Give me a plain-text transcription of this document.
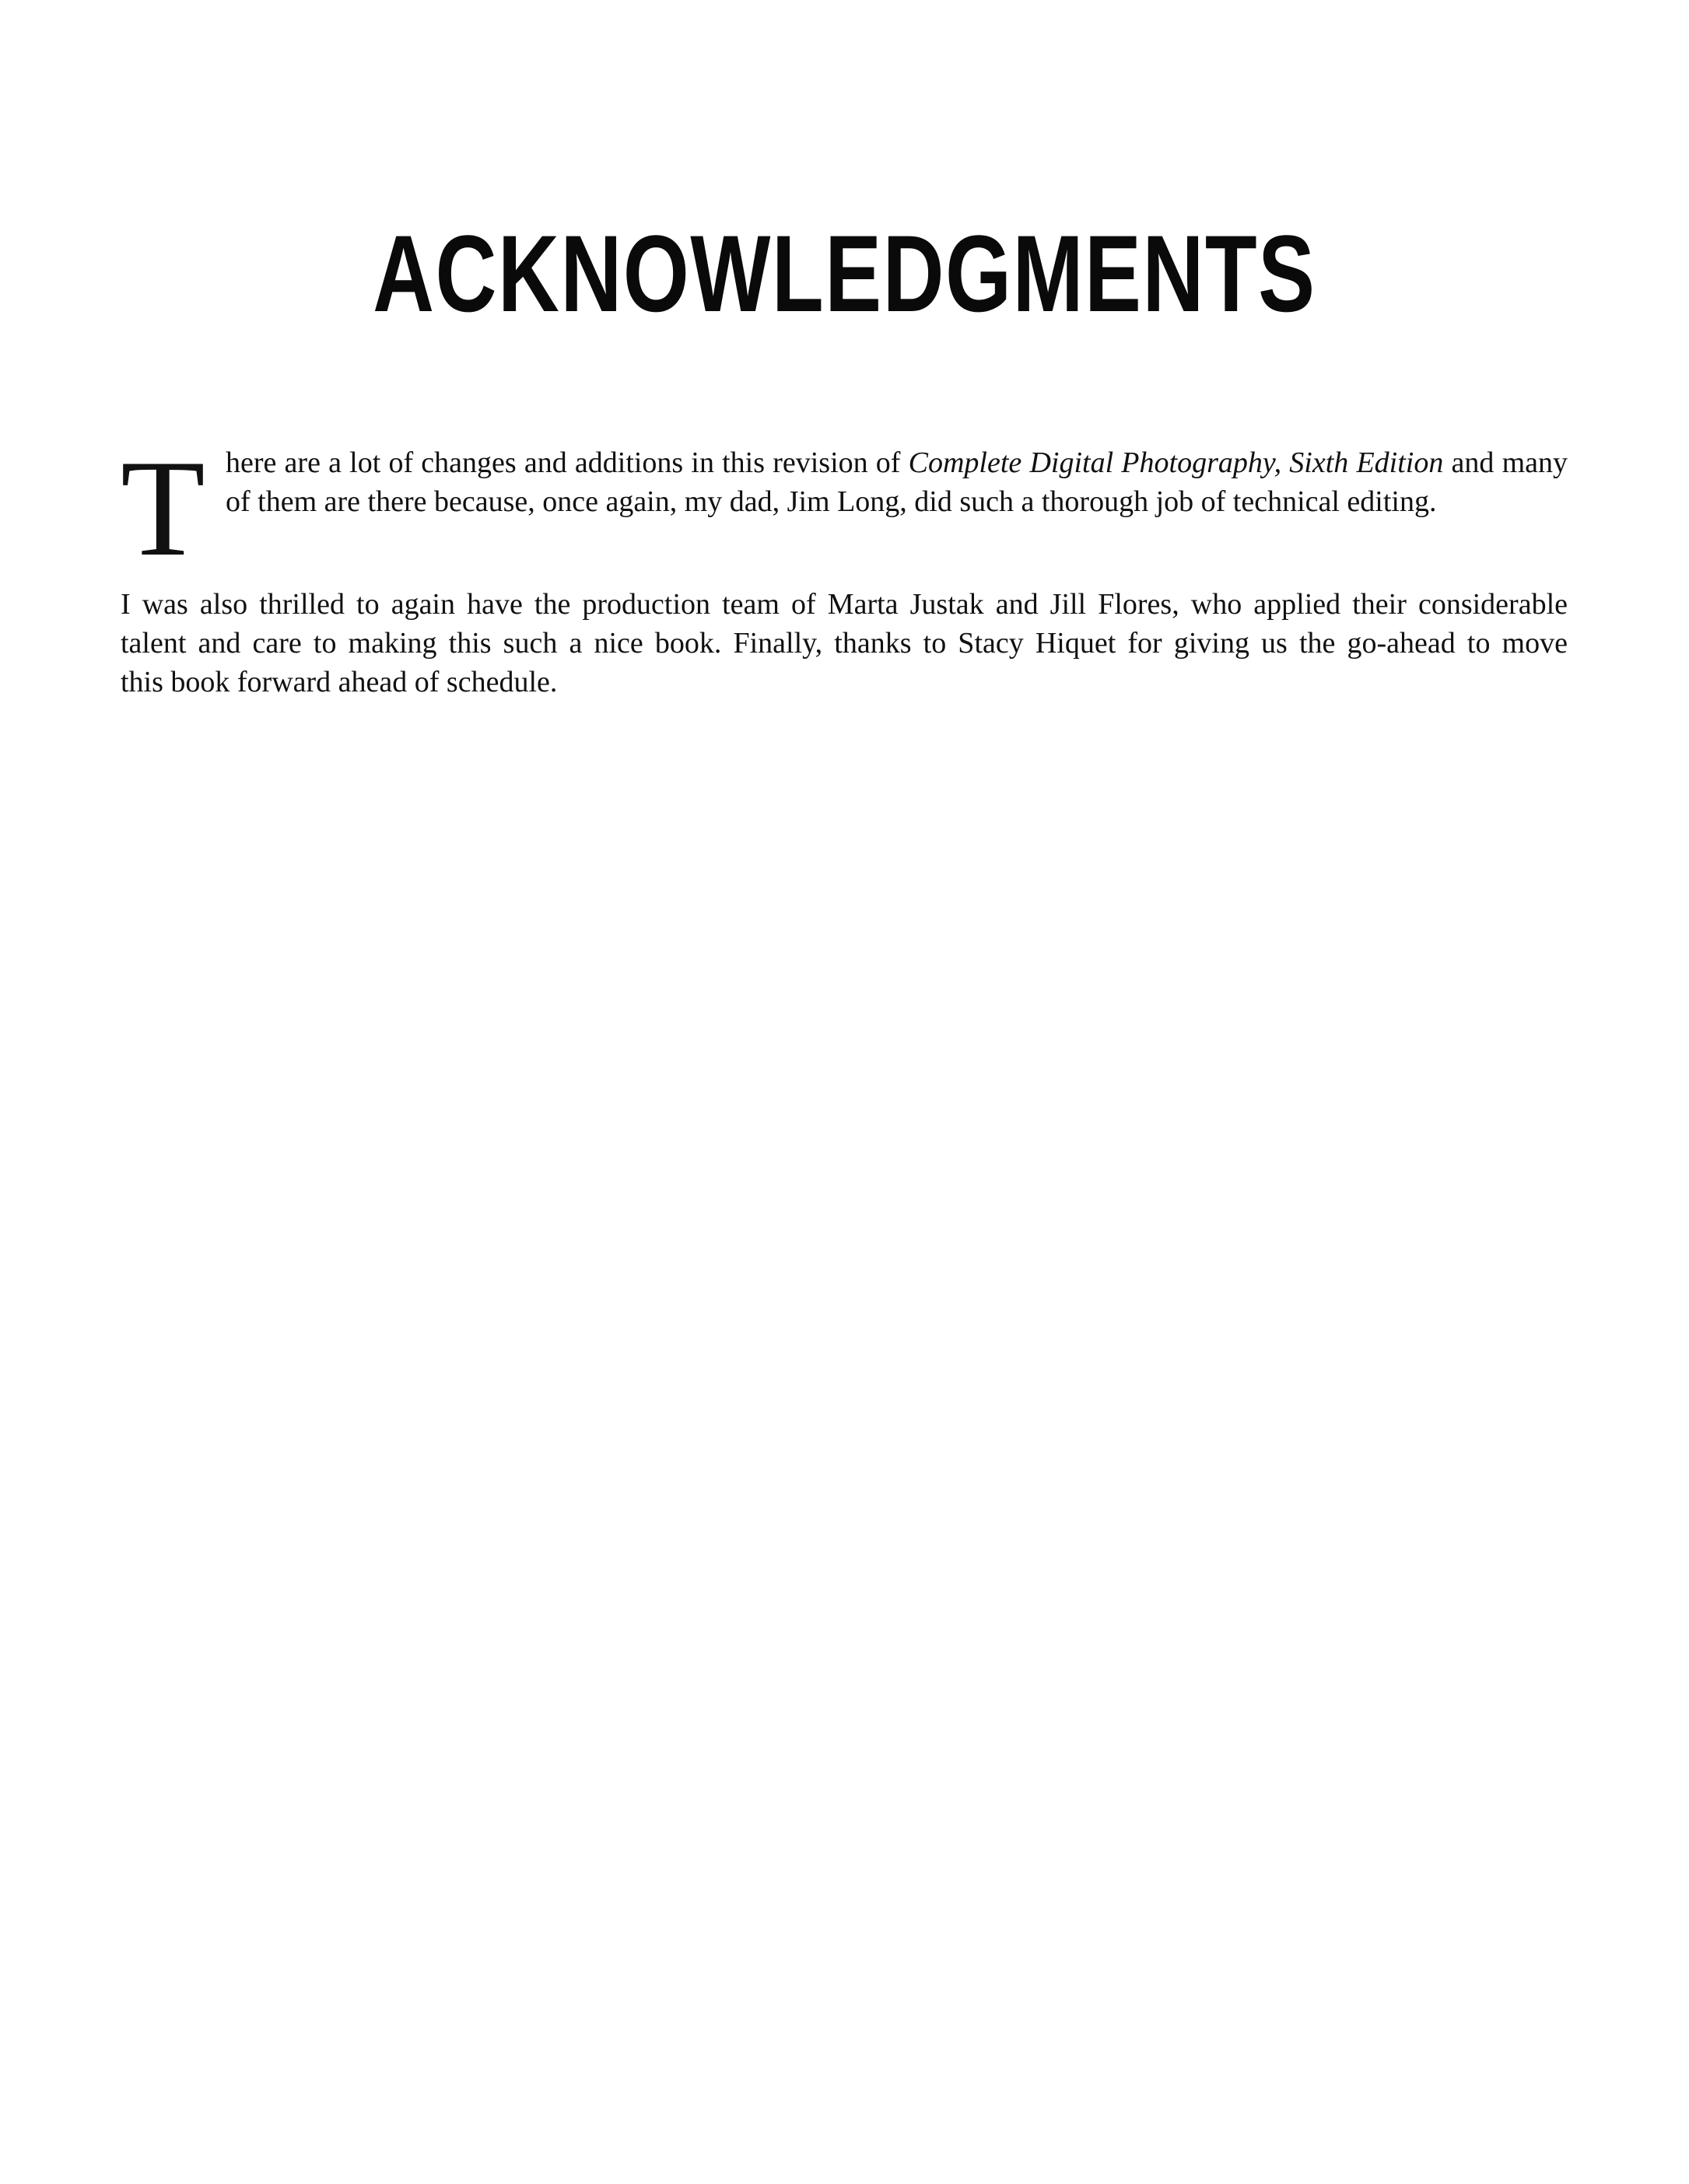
ACKNOWLEDGMENTS
T here are a lot of changes and additions in this revision of Complete Digital Photography, Sixth Edition and many
of them are there because, once again, my dad, Jim Long, did such a thorough job of technical editing.
I was also thrilled to again have the production team of Marta Justak and Jill Flores, who applied their considerable
talent and care to making this such a nice book. Finally, thanks to Stacy Hiquet for giving us the go-ahead to move
this book forward ahead of schedule.
